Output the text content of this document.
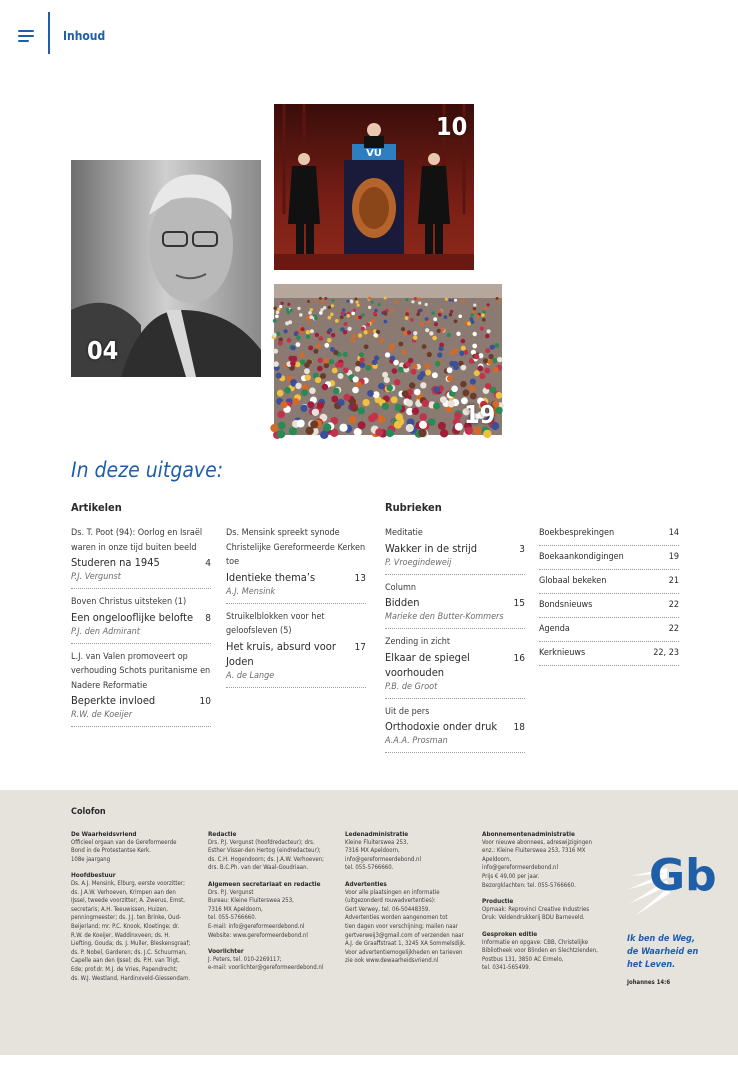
Inhoud
04
VU
10
19
In deze uitgave:
Artikelen	Rubrieken
Ds. T. Poot (94): Oorlog en Israël waren in onze tijd buiten beeld
Studeren na 1945	4
P.J. Vergunst
Boven Christus uitsteken (1)
Een ongelooflijke belofte	8
P.J. den Admirant
L.J. van Valen promoveert op verhouding Schots puritanisme en Nadere Reformatie
Beperkte invloed	10
R.W. de Koeijer
Ds. Mensink spreekt synode Christelijke Gereformeerde Kerken toe
Identieke thema’s	13
A.J. Mensink
Struikelblokken voor het geloofsleven (5)
Het kruis, absurd voor Joden
17
A. de Lange
Meditatie
Wakker in de strijd	3
P. Vroegindeweij
Column
Bidden	15
Marieke den Butter-Kommers
Zending in zicht
Elkaar de spiegel voorhouden
16
P.B. de Groot
Uit de pers
Orthodoxie onder druk	18
A.A.A. Prosman
Boekbesprekingen	14
Boekaankondigingen	19
Globaal bekeken	21
Bondsnieuws	22
Agenda	22
Kerknieuws	22, 23
Colofon
De Waarheidsvriend
Officieel orgaan van de Gereformeerde
Bond in de Protestantse Kerk.
108e jaargang
Hoofdbestuur
Ds. A.J. Mensink, Elburg, eerste voorzitter;
ds. J.A.W. Verhoeven, Krimpen aan den
IJssel, tweede voorzitter; A. Zwerus, Emst,
secretaris; A.H. Teeuwissen, Huizen,
penningmeester; ds. J.J. ten Brinke, Oud-
Beijerland; mr. P.C. Knook, Kloetinge; dr.
R.W. de Koeijer, Waddinxveen; ds. H.
Liefting, Gouda; ds. J. Muller, Bleskensgraaf;
ds. P. Nobel, Garderen; ds. J.C. Schuurman,
Capelle aan den IJssel; ds. P.H. van Trigt,
Ede; prof.dr. M.J. de Vries, Papendrecht;
ds. W.J. Westland, Hardinxveld-Giessendam.
Redactie
Drs. P.J. Vergunst (hoofdredacteur); drs.
Esther Visser-den Hertog (eindredacteur);
ds. C.H. Hogendoorn; ds. J.A.W. Verhoeven;
drs. B.C.Ph. van der Waal-Goudriaan.
Algemeen secretariaat en redactie
Drs. P.J. Vergunst
Bureau: Kleine Fluiterswea 253,
7316 MX Apeldoorn,
tel. 055-5766660.
E-mail: info@gereformeerdebond.nl
Website: www.gereformeerdebond.nl
Voorlichter
J. Peters, tel. 010-2269117;
e-mail: voorlichter@gereformeerdebond.nl
Ledenadministratie
Kleine Fluiterswea 253,
7316 MX Apeldoorn,
info@gereformeerdebond.nl
tel. 055-5766660.
Advertenties
Voor alle plaatsingen en informatie
(uitgezonderd rouwadvertenties):
Gert Verwey, tel. 06-50448359.
Advertenties worden aangenomen tot
tien dagen voor verschijning; mailen naar
gertverweij3@gmail.com of verzenden naar
A.J. de Graaffstraat 1, 3245 XA Sommelsdijk.
Voor advertentiemogelijkheden en tarieven
zie ook www.dewaarheidsvriend.nl
Abonnementenadministratie
Voor nieuwe abonnees, adreswijzigingen
enz.: Kleine Fluiterswea 253, 7316 MX
Apeldoorn,
info@gereformeerdebond.nl
Prijs € 49,00 per jaar.
Bezorgklachten: tel. 055-5766660.
Productie
Opmaak: Reprovinci Creative Industries
Druk: Veldendrukkerij BDU Barneveld.
Gesproken editie
Informatie en opgave: CBB, Christelijke
Bibliotheek voor Blinden en Slechtzienden,
Postbus 131, 3850 AC Ermelo,
tel. 0341-565499.
Gb
Ik ben de Weg,
de Waarheid en
het Leven.
Johannes 14:6
